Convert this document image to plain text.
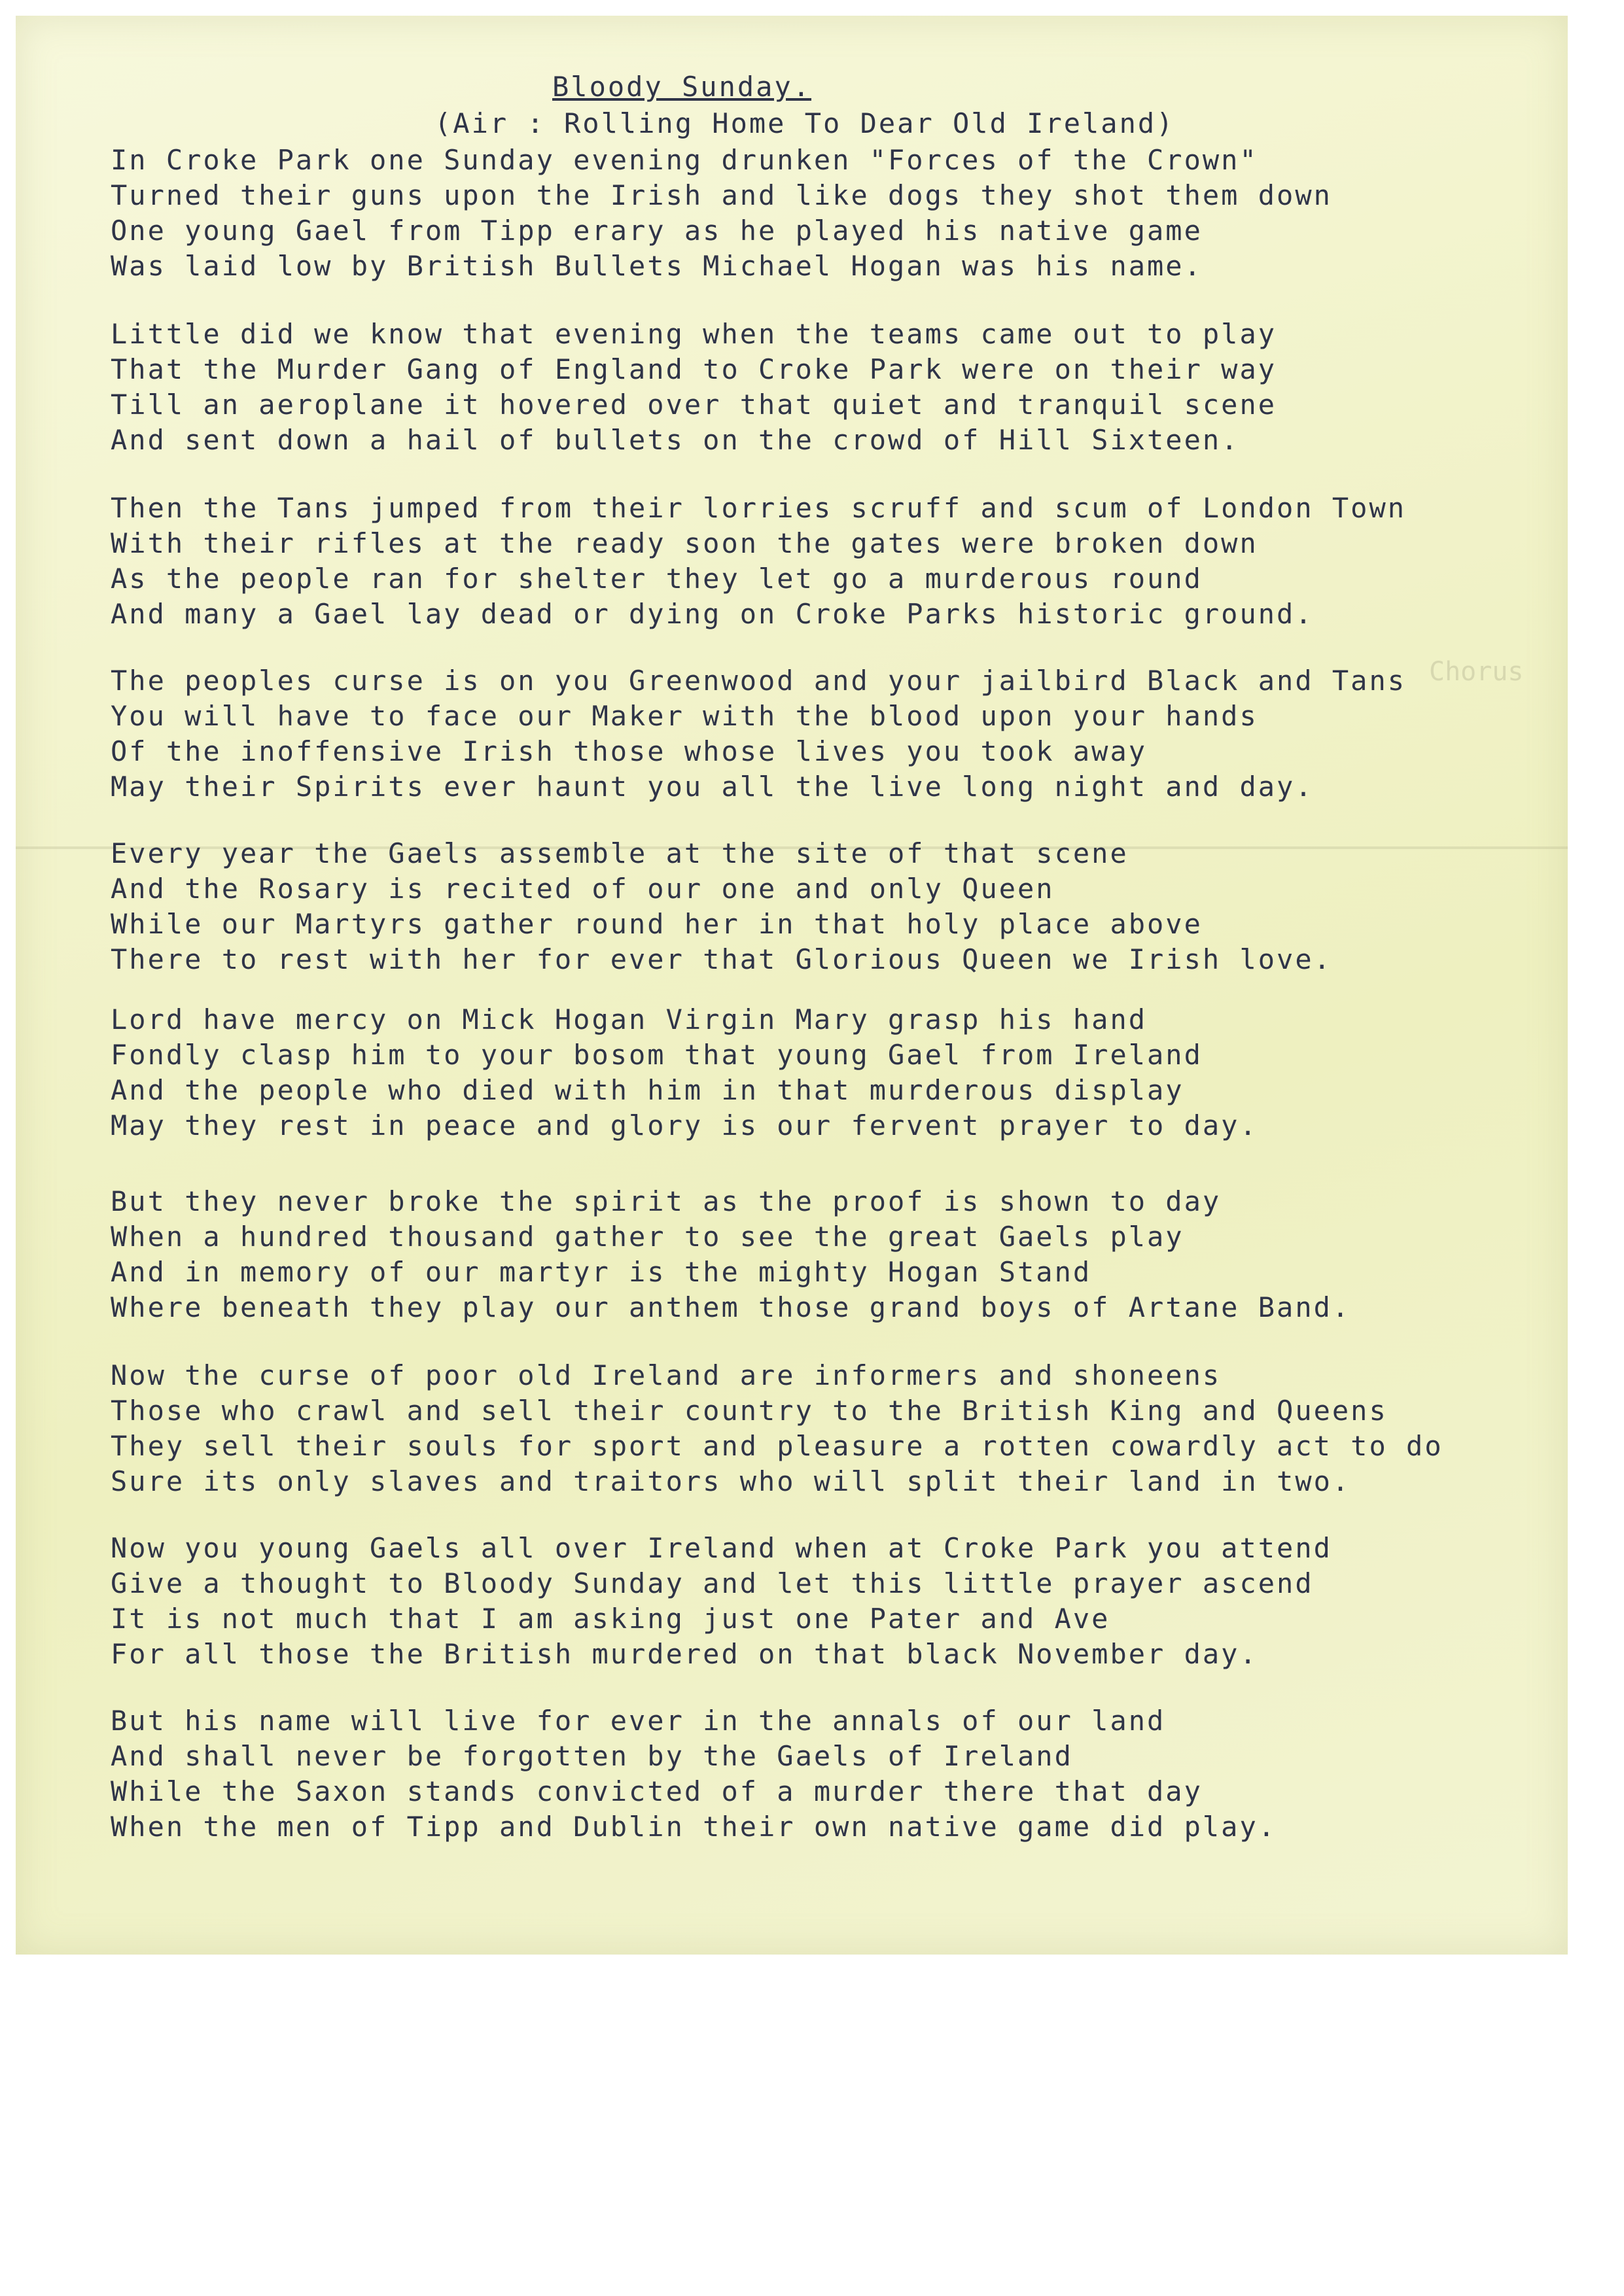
Chorus
Bloody Sunday.
(Air : Rolling Home To Dear Old Ireland)
In Croke Park one Sunday evening drunken "Forces of the Crown"
Turned their guns upon the Irish and like dogs they shot them down
One young Gael from Tipp erary as he played his native game
Was laid low by British Bullets Michael Hogan was his name.
Little did we know that evening when the teams came out to play
That the Murder Gang of England to Croke Park were on their way
Till an aeroplane it hovered over that quiet and tranquil scene
And sent down a hail of bullets on the crowd of Hill Sixteen.
Then the Tans jumped from their lorries scruff and scum of London Town
With their rifles at the ready soon the gates were broken down
As the people ran for shelter they let go a murderous round
And many a Gael lay dead or dying on Croke Parks historic ground.
The peoples curse is on you Greenwood and your jailbird Black and Tans
You will have to face our Maker with the blood upon your hands
Of the inoffensive Irish those whose lives you took away
May their Spirits ever haunt you all the live long night and day.
Every year the Gaels assemble at the site of that scene
And the Rosary is recited of our one and only Queen
While our Martyrs gather round her in that holy place above
There to rest with her for ever that Glorious Queen we Irish love.
Lord have mercy on Mick Hogan Virgin Mary grasp his hand
Fondly clasp him to your bosom that young Gael from Ireland
And the people who died with him in that murderous display
May they rest in peace and glory is our fervent prayer to day.
But they never broke the spirit as the proof is shown to day
When a hundred thousand gather to see the great Gaels play
And in memory of our martyr is the mighty Hogan Stand
Where beneath they play our anthem those grand boys of Artane Band.
Now the curse of poor old Ireland are informers and shoneens
Those who crawl and sell their country to the British King and Queens
They sell their souls for sport and pleasure a rotten cowardly act to do
Sure its only slaves and traitors who will split their land in two.
Now you young Gaels all over Ireland when at Croke Park you attend
Give a thought to Bloody Sunday and let this little prayer ascend
It is not much that I am asking just one Pater and Ave
For all those the British murdered on that black November day.
But his name will live for ever in the annals of our land
And shall never be forgotten by the Gaels of Ireland
While the Saxon stands convicted of a murder there that day
When the men of Tipp and Dublin their own native game did play.
